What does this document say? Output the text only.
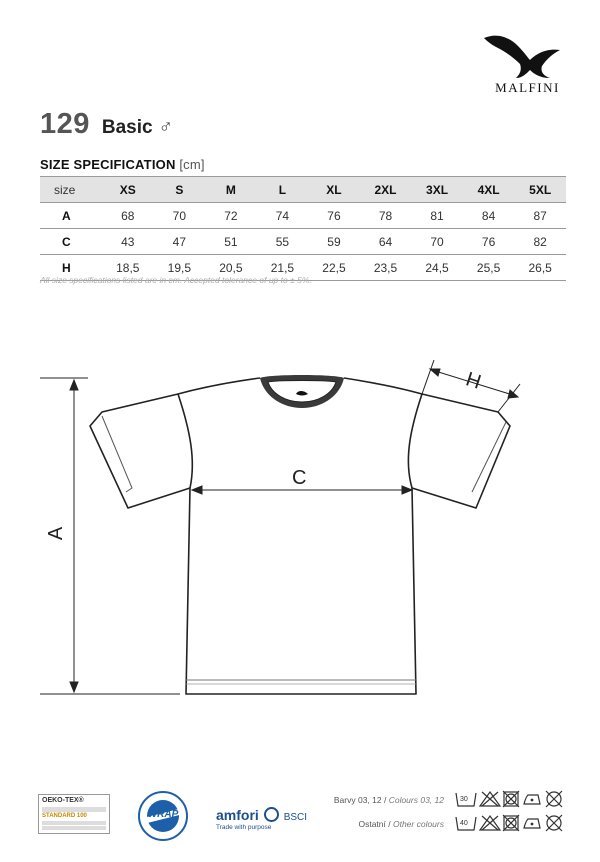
MALFINI
129 Basic ♂
SIZE SPECIFICATION [cm]
size	XS	S	M	L	XL	2XL	3XL	4XL	5XL
A	68	70	72	74	76	78	81	84	87
C	43	47	51	55	59	64	70	76	82
H	18,5	19,5	20,5	21,5	22,5	23,5	24,5	25,5	26,5
All size specifications listed are in cm. Accepted tolerance of up to ± 5%.
A
C
H
OEKO-TEX®
STANDARD 100	WRAP	amfori BSCI
Trade with purpose
Barvy 03, 12 / Colours 03, 12
Ostatní / Other colours
30
40
